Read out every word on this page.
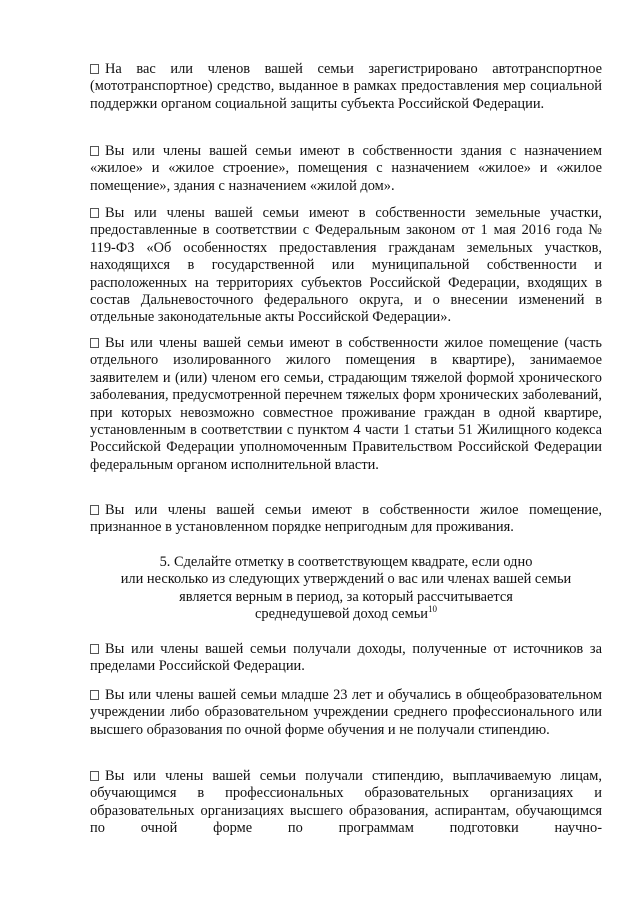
На вас или членов вашей семьи зарегистрировано автотранспортное (мототранспортное) средство, выданное в рамках предоставления мер социальной поддержки органом социальной защиты субъекта Российской Федерации.
Вы или члены вашей семьи имеют в собственности здания с назначением «жилое» и «жилое строение», помещения с назначением «жилое» и «жилое помещение», здания с назначением «жилой дом».
Вы или члены вашей семьи имеют в собственности земельные участки, предоставленные в соответствии с Федеральным законом от 1 мая 2016 года № 119-ФЗ «Об особенностях предоставления гражданам земельных участков, находящихся в государственной или муниципальной собственности и расположенных на территориях субъектов Российской Федерации, входящих в состав Дальневосточного федерального округа, и о внесении изменений в отдельные законодательные акты Российской Федерации».
Вы или члены вашей семьи имеют в собственности жилое помещение (часть отдельного изолированного жилого помещения в квартире), занимаемое заявителем и (или) членом его семьи, страдающим тяжелой формой хронического заболевания, предусмотренной перечнем тяжелых форм хронических заболеваний, при которых невозможно совместное проживание граждан в одной квартире, установленным в соответствии с пунктом 4 части 1 статьи 51 Жилищного кодекса Российской Федерации уполномоченным Правительством Российской Федерации федеральным органом исполнительной власти.
Вы или члены вашей семьи имеют в собственности жилое помещение, признанное в установленном порядке непригодным для проживания.
5. Сделайте отметку в соответствующем квадрате, если одно
или несколько из следующих утверждений о вас или членах вашей семьи
является верным в период, за который рассчитывается
среднедушевой доход семьи$^{10}$
Вы или члены вашей семьи получали доходы, полученные от источников за пределами Российской Федерации.
Вы или члены вашей семьи младше 23 лет и обучались в общеобразовательном учреждении либо образовательном учреждении среднего профессионального или высшего образования по очной форме обучения и не получали стипендию.
Вы или члены вашей семьи получали стипендию, выплачиваемую лицам, обучающимся в профессиональных образовательных организациях и образовательных организациях высшего образования, аспирантам, обучающимся по очной форме по программам подготовки научно-
